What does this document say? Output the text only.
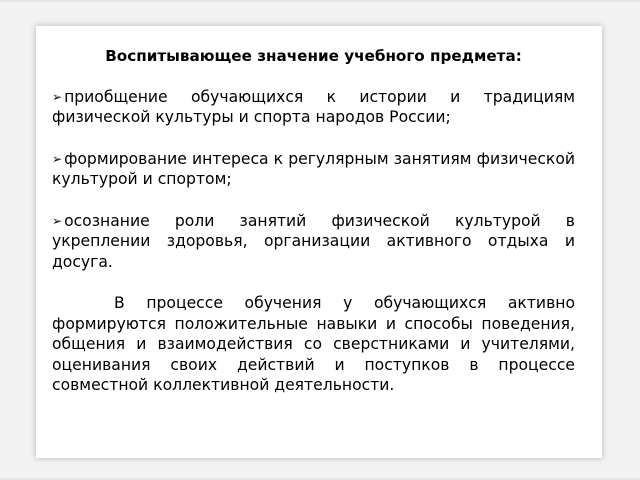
Воспитывающее значение учебного предмета:
➢ приобщение обучающихся к истории и традициям физической культуры и спорта народов России;
➢ формирование интереса к регулярным занятиям физической культурой и спортом;
➢ осознание роли занятий физической культурой в укреплении здоровья, организации активного отдыха и досуга.

В процессе обучения у обучающихся активно формируются положительные навыки и способы поведения, общения и взаимодействия со сверстниками и учителями, оценивания своих действий и поступков в процессе совместной коллективной деятельности.
